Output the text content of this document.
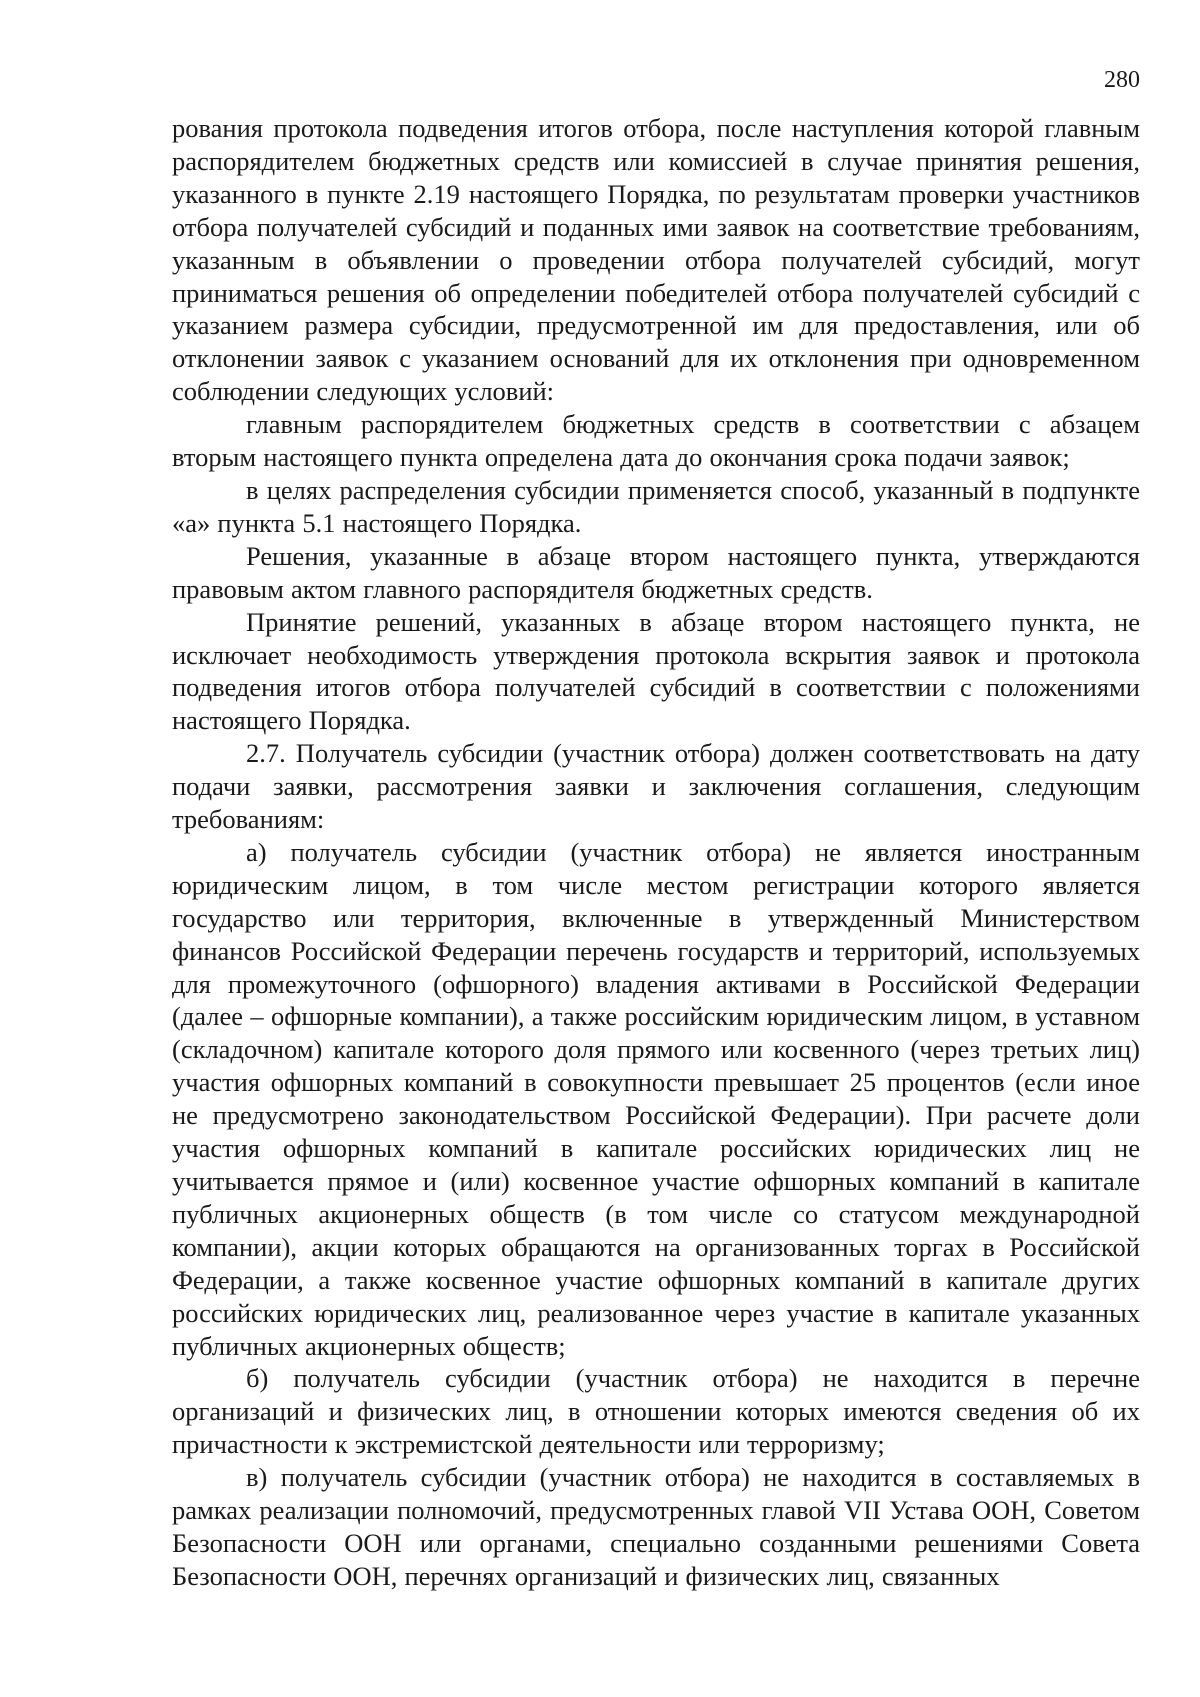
280

рования протокола подведения итогов отбора, после наступления которой главным распорядителем бюджетных средств или комиссией в случае принятия решения, указанного в пункте 2.19 настоящего Порядка, по результатам проверки участников отбора получателей субсидий и поданных ими заявок на соответствие требованиям, указанным в объявлении о проведении отбора получателей субсидий, могут приниматься решения об определении победителей отбора получателей субсидий с указанием размера субсидии, предусмотренной им для предоставления, или об отклонении заявок с указанием оснований для их отклонения при одновременном соблюдении следующих условий:

главным распорядителем бюджетных средств в соответствии с абзацем вторым настоящего пункта определена дата до окончания срока подачи заявок;

в целях распределения субсидии применяется способ, указанный в подпункте «а» пункта 5.1 настоящего Порядка.

Решения, указанные в абзаце втором настоящего пункта, утверждаются правовым актом главного распорядителя бюджетных средств.

Принятие решений, указанных в абзаце втором настоящего пункта, не исключает необходимость утверждения протокола вскрытия заявок и протокола подведения итогов отбора получателей субсидий в соответствии с положениями настоящего Порядка.

2.7. Получатель субсидии (участник отбора) должен соответствовать на дату подачи заявки, рассмотрения заявки и заключения соглашения, следующим требованиям:

а) получатель субсидии (участник отбора) не является иностранным юридическим лицом, в том числе местом регистрации которого является государство или территория, включенные в утвержденный Министерством финансов Российской Федерации перечень государств и территорий, используемых для промежуточного (офшорного) владения активами в Российской Федерации (далее – офшорные компании), а также российским юридическим лицом, в уставном (складочном) капитале которого доля прямого или косвенного (через третьих лиц) участия офшорных компаний в совокупности превышает 25 процентов (если иное не предусмотрено законодательством Российской Федерации). При расчете доли участия офшорных компаний в капитале российских юридических лиц не учитывается прямое и (или) косвенное участие офшорных компаний в капитале публичных акционерных обществ (в том числе со статусом международной компании), акции которых обращаются на организованных торгах в Российской Федерации, а также косвенное участие офшорных компаний в капитале других российских юридических лиц, реализованное через участие в капитале указанных публичных акционерных обществ;

б) получатель субсидии (участник отбора) не находится в перечне организаций и физических лиц, в отношении которых имеются сведения об их причастности к экстремистской деятельности или терроризму;

в) получатель субсидии (участник отбора) не находится в составляемых в рамках реализации полномочий, предусмотренных главой VII Устава ООН, Советом Безопасности ООН или органами, специально созданными решениями Совета Безопасности ООН, перечнях организаций и физических лиц, связанных
